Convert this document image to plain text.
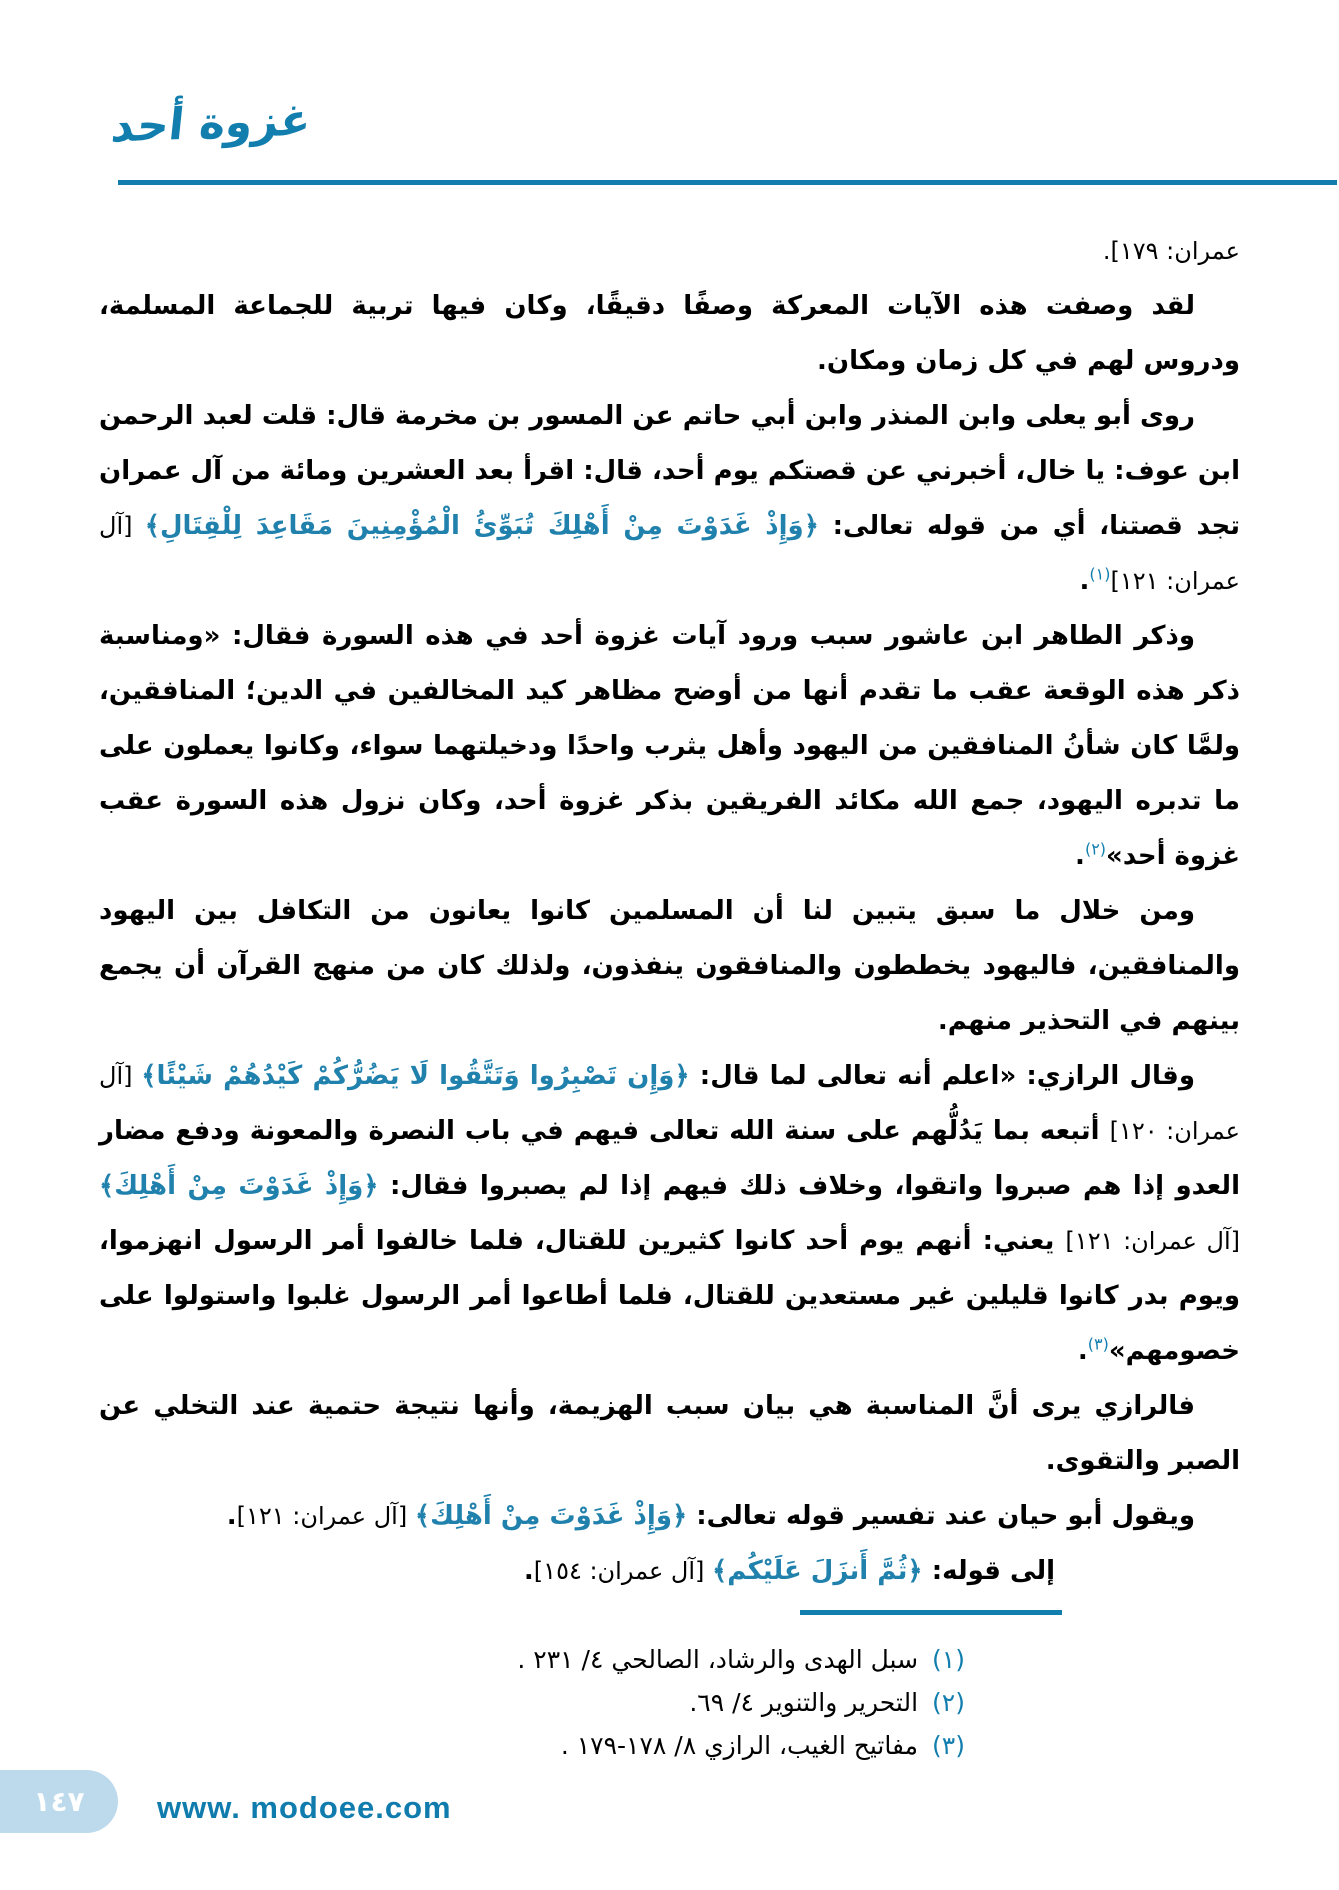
غزوة أحد

عمران: ١٧٩].

لقد وصفت هذه الآيات المعركة وصفًا دقيقًا، وكان فيها تربية للجماعة المسلمة، ودروس لهم في كل زمان ومكان.

روى أبو يعلى وابن المنذر وابن أبي حاتم عن المسور بن مخرمة قال: قلت لعبد الرحمن ابن عوف: يا خال، أخبرني عن قصتكم يوم أحد، قال: اقرأ بعد العشرين ومائة من آل عمران تجد قصتنا، أي من قوله تعالى: ﴿وَإِذْ غَدَوْتَ مِنْ أَهْلِكَ تُبَوِّئُ الْمُؤْمِنِينَ مَقَاعِدَ لِلْقِتَالِ﴾ [آل عمران: ١٢١]$^{(١)}$.

وذكر الطاهر ابن عاشور سبب ورود آيات غزوة أحد في هذه السورة فقال: «ومناسبة ذكر هذه الوقعة عقب ما تقدم أنها من أوضح مظاهر كيد المخالفين في الدين؛ المنافقين، ولمَّا كان شأنُ المنافقين من اليهود وأهل يثرب واحدًا ودخيلتهما سواء، وكانوا يعملون على ما تدبره اليهود، جمع الله مكائد الفريقين بذكر غزوة أحد، وكان نزول هذه السورة عقب غزوة أحد»$^{(٢)}$.

ومن خلال ما سبق يتبين لنا أن المسلمين كانوا يعانون من التكافل بين اليهود والمنافقين، فاليهود يخططون والمنافقون ينفذون، ولذلك كان من منهج القرآن أن يجمع بينهم في التحذير منهم.

وقال الرازي: «اعلم أنه تعالى لما قال: ﴿وَإِن تَصْبِرُوا وَتَتَّقُوا لَا يَضُرُّكُمْ كَيْدُهُمْ شَيْئًا﴾ [آل عمران: ١٢٠] أتبعه بما يَدُلُّهم على سنة الله تعالى فيهم في باب النصرة والمعونة ودفع مضار العدو إذا هم صبروا واتقوا، وخلاف ذلك فيهم إذا لم يصبروا فقال: ﴿وَإِذْ غَدَوْتَ مِنْ أَهْلِكَ﴾ [آل عمران: ١٢١] يعني: أنهم يوم أحد كانوا كثيرين للقتال، فلما خالفوا أمر الرسول انهزموا، ويوم بدر كانوا قليلين غير مستعدين للقتال، فلما أطاعوا أمر الرسول غلبوا واستولوا على خصومهم»$^{(٣)}$.

فالرازي يرى أنَّ المناسبة هي بيان سبب الهزيمة، وأنها نتيجة حتمية عند التخلي عن الصبر والتقوى.

ويقول أبو حيان عند تفسير قوله تعالى: ﴿وَإِذْ غَدَوْتَ مِنْ أَهْلِكَ﴾ [آل عمران: ١٢١].

إلى قوله: ﴿ثُمَّ أَنزَلَ عَلَيْكُم﴾ [آل عمران: ١٥٤].

(١)سبل الهدى والرشاد، الصالحي ٤/ ٢٣١ .
(٢)التحرير والتنوير ٤/ ٦٩.
(٣)مفاتيح الغيب، الرازي ٨/ ١٧٨-١٧٩ .
١٤٧	www. modoee.com
